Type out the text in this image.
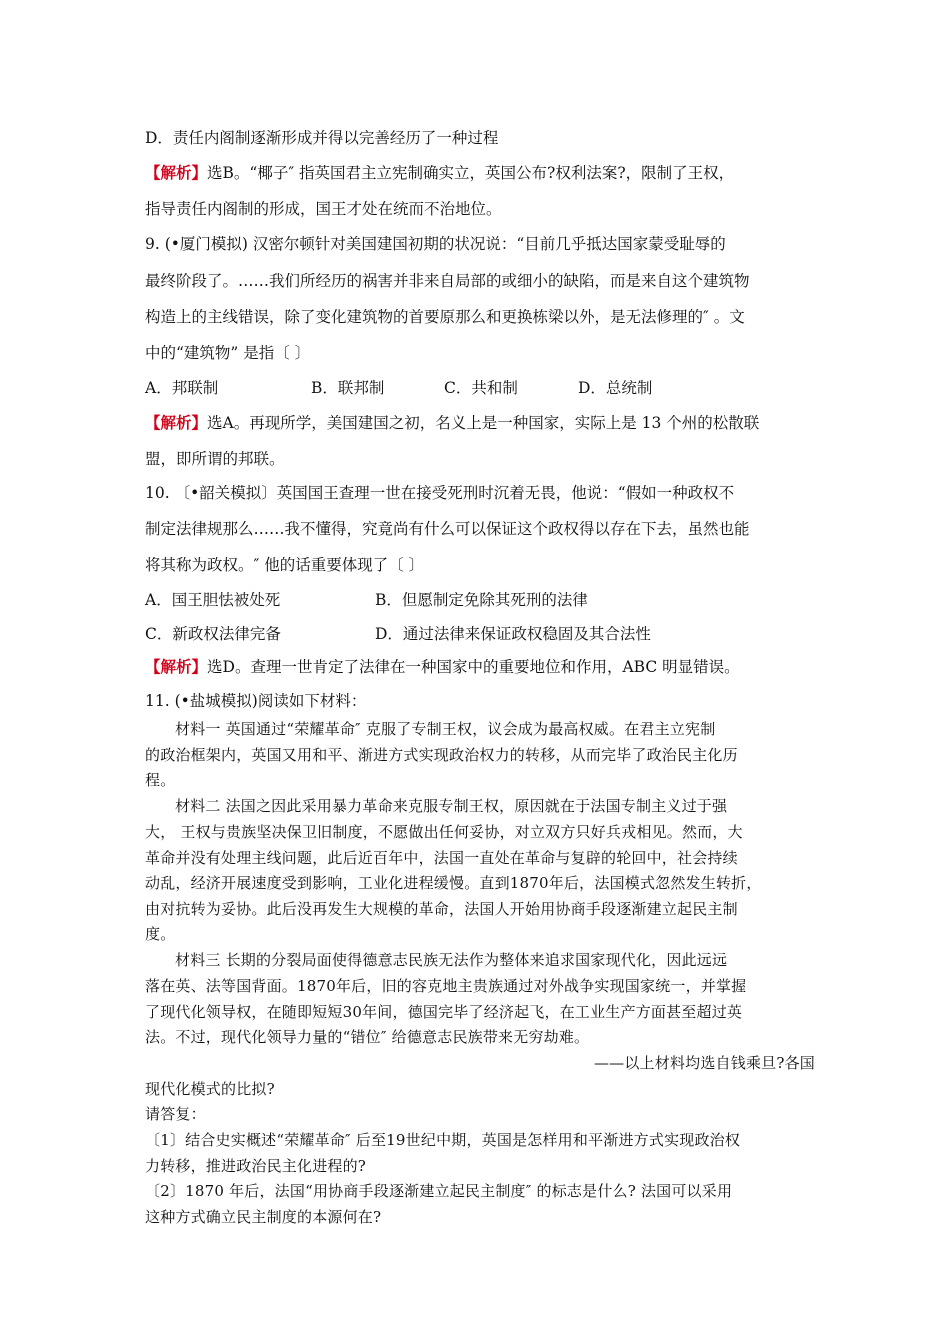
D．责任内阁制逐渐形成并得以完善经历了一种过程
【解析】选B。“椰子″ 指英国君主立宪制确实立，英国公布?权利法案?，限制了王权，
指导责任内阁制的形成，国王才处在统而不治地位。
9. (•厦门模拟) 汉密尔顿针对美国建国初期的状况说：“目前几乎抵达国家蒙受耻辱的
最终阶段了。……我们所经历的祸害并非来自局部的或细小的缺陷，而是来自这个建筑物
构造上的主线错误，除了变化建筑物的首要原那么和更换栋梁以外，是无法修理的″ 。文
中的“建筑物” 是指〔 〕
A．邦联制	B．联邦制	C．共和制	D．总统制
【解析】选A。再现所学，美国建国之初，名义上是一种国家，实际上是 13 个州的松散联
盟，即所谓的邦联。
10. 〔•韶关模拟〕英国国王查理一世在接受死刑时沉着无畏，他说：“假如一种政权不
制定法律规那么……我不懂得，究竟尚有什么可以保证这个政权得以存在下去，虽然也能
将其称为政权。″ 他的话重要体现了〔 〕
A．国王胆怯被处死	B．但愿制定免除其死刑的法律
C．新政权法律完备	D．通过法律来保证政权稳固及其合法性
【解析】选D。查理一世肯定了法律在一种国家中的重要地位和作用，ABC 明显错误。
11. (•盐城模拟)阅读如下材料：
材料一 英国通过“荣耀革命″ 克服了专制王权，议会成为最高权威。在君主立宪制
的政治框架内，英国又用和平、渐进方式实现政治权力的转移，从而完毕了政治民主化历
程。
材料二 法国之因此采用暴力革命来克服专制王权，原因就在于法国专制主义过于强
大， 王权与贵族坚决保卫旧制度，不愿做出任何妥协，对立双方只好兵戎相见。然而，大
革命并没有处理主线问题，此后近百年中，法国一直处在革命与复辟的轮回中，社会持续
动乱，经济开展速度受到影响，工业化进程缓慢。直到1870年后，法国模式忽然发生转折，
由对抗转为妥协。此后没再发生大规模的革命，法国人开始用协商手段逐渐建立起民主制
度。
材料三 长期的分裂局面使得德意志民族无法作为整体来追求国家现代化，因此远远
落在英、法等国背面。1870年后，旧的容克地主贵族通过对外战争实现国家统一，并掌握
了现代化领导权，在随即短短30年间，德国完毕了经济起飞，在工业生产方面甚至超过英
法。不过，现代化领导力量的“错位″ 给德意志民族带来无穷劫难。
——以上材料均选自钱乘旦?各国
现代化模式的比拟?
请答复：
〔1〕结合史实概述“荣耀革命″ 后至19世纪中期，英国是怎样用和平渐进方式实现政治权
力转移，推进政治民主化进程的?
〔2〕1870 年后，法国“用协商手段逐渐建立起民主制度″ 的标志是什么? 法国可以采用
这种方式确立民主制度的本源何在?
